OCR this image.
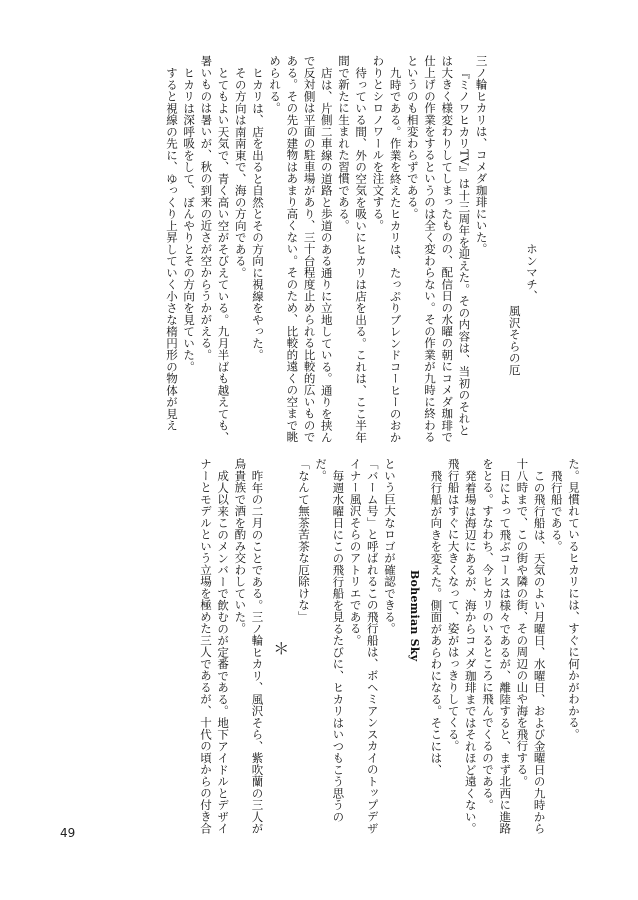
ホンマチ、
風沢そらの厄

三ノ輪ヒカリは、コメダ珈琲にいた。

『ミノワヒカリTV』は十三周年を迎えた。その内容は、当初のそれとは大きく様変わりしてしまったものの、配信日の水曜の朝にコメダ珈琲で仕上げの作業をするというのは全く変わらない。その作業が九時に終わるというのも相変わらずである。

九時である。作業を終えたヒカリは、たっぷりブレンドコーヒーのおかわりとシロノワールを注文する。

待っている間、外の空気を吸いにヒカリは店を出る。これは、ここ半年間で新たに生まれた習慣である。

店は、片側二車線の道路と歩道のある通りに立地している。通りを挟んで反対側は平面の駐車場があり、三十台程度止められる比較的広いものである。その先の建物はあまり高くない。そのため、比較的遠くの空まで眺められる。

ヒカリは、店を出ると自然とその方向に視線をやった。

その方向は南南東で、海の方向である。

とてもよい天気で、青く高い空がそびえている。九月半ばも越えても、暑いものは暑いが、秋の到来の近さが空からうかがえる。

ヒカリは深呼吸をして、ぼんやりとその方向を見ていた。

すると視線の先に、ゆっくり上昇していく小さな楕円形の物体が見え

た。見慣れているヒカリには、すぐに何かがわかる。

飛行船である。

この飛行船は、天気のよい月曜日、水曜日、および金曜日の九時から十八時まで、この街や隣の街、その周辺の山や海を飛行する。

日によって飛ぶコースは様々であるが、離陸すると、まず北西に進路をとる。すなわち、今ヒカリのいるところに飛んでくるのである。

発着場は海辺にあるが、海からコメダ珈琲まではそれほど遠くない。飛行船はすぐに大きくなって、姿がはっきりしてくる。

飛行船が向きを変えた。側面があらわになる。そこには、

Bohemian Sky

という巨大なロゴが確認できる。

「バーム号」と呼ばれるこの飛行船は、ボヘミアンスカイのトップデザイナー風沢そらのアトリエである。

毎週水曜日にこの飛行船を見るたびに、ヒカリはいつもこう思うのだ。

「なんて無茶苦茶な厄除けな」

＊

昨年の二月のことである。三ノ輪ヒカリ、風沢そら、紫吹蘭の三人が鳥貴族で酒を酌み交わしていた。

成人以来このメンバーで飲むのが定番である。地下アイドルとデザイナーとモデルという立場を極めた三人であるが、十代の頃からの付き合

49
